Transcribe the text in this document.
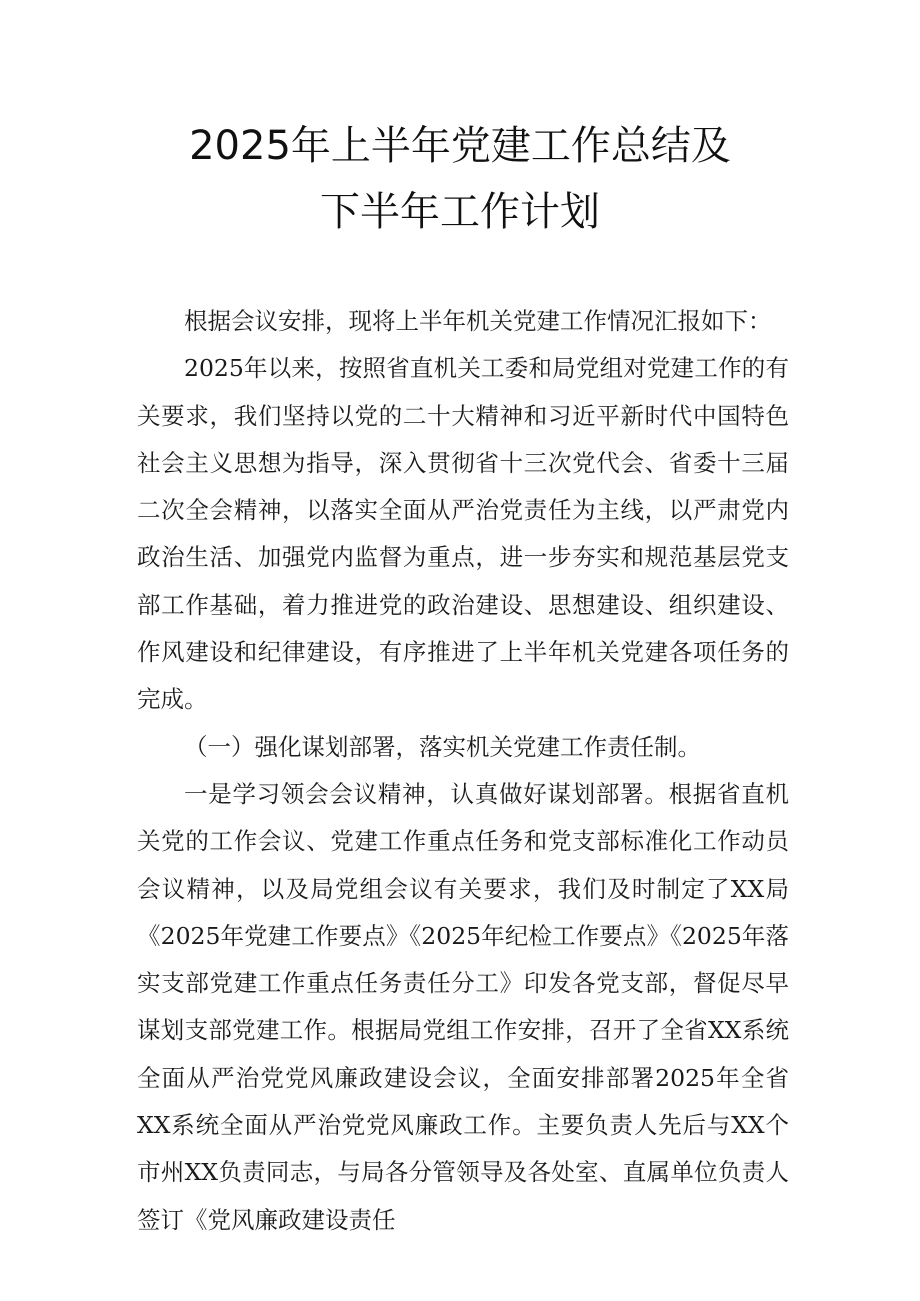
2025年上半年党建工作总结及
下半年工作计划

根据会议安排，现将上半年机关党建工作情况汇报如下：

2025年以来，按照省直机关工委和局党组对党建工作的有关要求，我们坚持以党的二十大精神和习近平新时代中国特色社会主义思想为指导，深入贯彻省十三次党代会、省委十三届二次全会精神，以落实全面从严治党责任为主线，以严肃党内政治生活、加强党内监督为重点，进一步夯实和规范基层党支部工作基础，着力推进党的政治建设、思想建设、组织建设、作风建设和纪律建设，有序推进了上半年机关党建各项任务的完成。

（一）强化谋划部署，落实机关党建工作责任制。

一是学习领会会议精神，认真做好谋划部署。根据省直机关党的工作会议、党建工作重点任务和党支部标准化工作动员会议精神，以及局党组会议有关要求，我们及时制定了XX局《2025年党建工作要点》《2025年纪检工作要点》《2025年落实支部党建工作重点任务责任分工》印发各党支部，督促尽早谋划支部党建工作。根据局党组工作安排，召开了全省XX系统全面从严治党党风廉政建设会议，全面安排部署2025年全省XX系统全面从严治党党风廉政工作。主要负责人先后与XX个市州XX负责同志，与局各分管领导及各处室、直属单位负责人签订《党风廉政建设责任
